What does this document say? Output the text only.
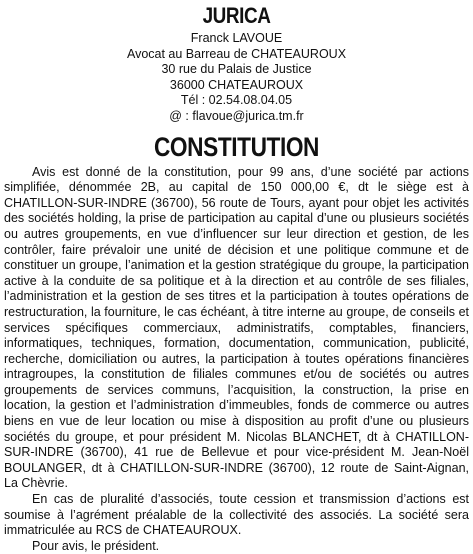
JURICA
Franck LAVOUE
Avocat au Barreau de CHATEAUROUX
30 rue du Palais de Justice
36000 CHATEAUROUX
Tél : 02.54.08.04.05
@ : flavoue@jurica.tm.fr
CONSTITUTION

Avis est donné de la constitution, pour 99 ans, d’une société par actions simplifiée, dénommée 2B, au capital de 150 000,00 €, dt le siège est à CHATILLON-SUR-INDRE (36700), 56 route de Tours, ayant pour objet les activités des sociétés holding, la prise de participation au capital d’une ou plusieurs sociétés ou autres groupements, en vue d’influencer sur leur direction et gestion, de les contrôler, faire prévaloir une unité de décision et une politique commune et de constituer un groupe, l’animation et la gestion stratégique du groupe, la participation active à la conduite de sa politique et à la direction et au contrôle de ses filiales, l’administration et la gestion de ses titres et la participation à toutes opérations de restructuration, la fourniture, le cas échéant, à titre interne au groupe, de conseils et services spécifiques commerciaux, administratifs, comptables, financiers, informatiques, techniques, formation, documentation, communication, publicité, recherche, domiciliation ou autres, la participation à toutes opérations financières intragroupes, la constitution de filiales communes et/ou de sociétés ou autres groupements de services communs, l’acquisition, la construction, la prise en location, la gestion et l’administration d’immeubles, fonds de commerce ou autres biens en vue de leur location ou mise à disposition au profit d’une ou plusieurs sociétés du groupe, et pour président M. Nicolas BLANCHET, dt à CHATILLON-SUR-INDRE (36700), 41 rue de Bellevue et pour vice-président M. Jean-Noël BOULANGER, dt à CHATILLON-SUR-INDRE (36700), 12 route de Saint-Aignan, La Chèvrie.

En cas de pluralité d’associés, toute cession et transmission d’actions est soumise à l’agrément préalable de la collectivité des associés. La société sera immatriculée au RCS de CHATEAUROUX.

Pour avis, le président.
